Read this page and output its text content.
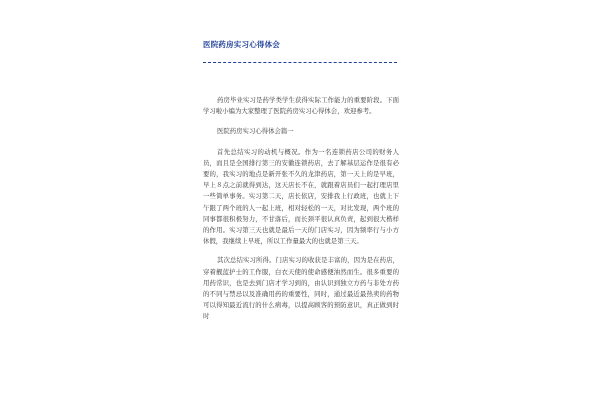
医院药房实习心得体会

药房毕业实习是药学类学生获得实际工作能力的重要阶段。下面学习啦小编为大家整理了医院药房实习心得体会，欢迎参考。

医院药房实习心得体会篇一

首先总结实习的动机与概况。作为一名连锁药店公司的财务人员，而且是全国排行第三的安徽连锁药店，去了解基层运作是很有必要的，我实习的地点是新开张不久的龙津药店，第一天上的是早班，早上８点之前就得到达，这天店长不在，就跟着店员们一起打理店里一些简单事务。实习第二天，店长依店，安排我上行政班，也就上下午跟了两个班的人一起上班，相对轻松的一天，对比发现，两个班的同事都很积极努力，不甘落后，而长颈平很认真负责，起到很大楷样的作用。实习第三天也就是最后一天的门店实习，因为频率行与小方休假，我继续上早班，所以工作量最大的也就是第三天。

其次总结实习所得。门店实习的收获是丰富的，因为是在药店，穿着靓蓝护士的工作服，白衣天使的使命感便油然而生。很多重要的用药常识，也是去到门店才学习到的，由认识到独立方药与非处方药的不同与禁忌以及准确用药的重要性，同时，通过最近最热卖的药物可以得知最近流行的什么病毒，以提高顾客的预防意识，真正做到时时
